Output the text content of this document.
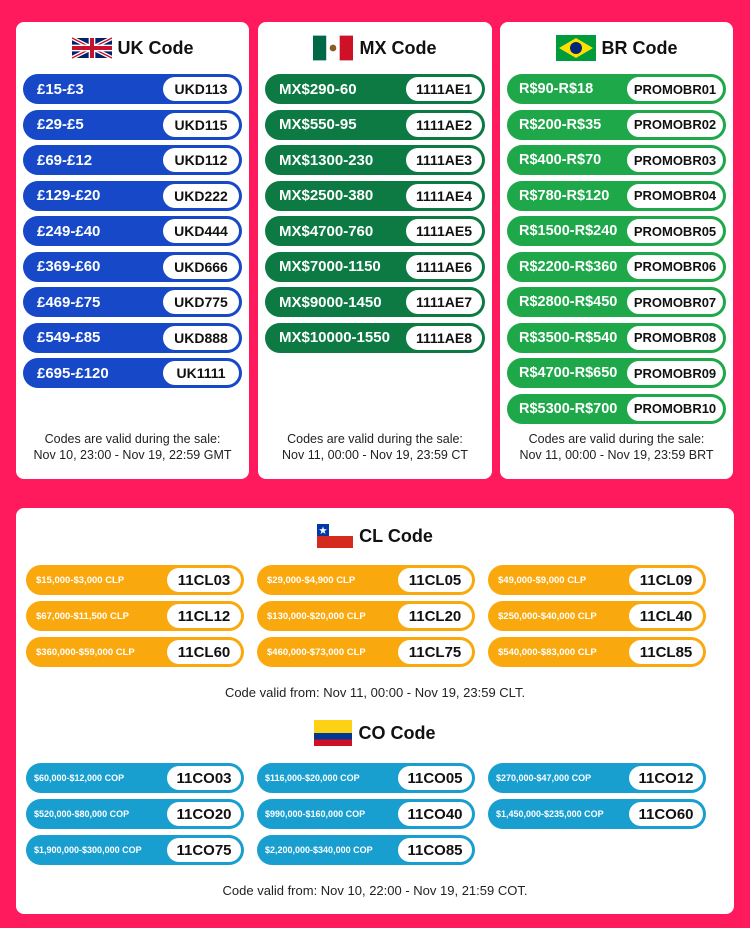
UK Code
£15-£3	UKD113
£29-£5	UKD115
£69-£12	UKD112
£129-£20	UKD222
£249-£40	UKD444
£369-£60	UKD666
£469-£75	UKD775
£549-£85	UKD888
£695-£120	UK1111
Codes are valid during the sale:
Nov 10, 23:00 - Nov 19, 22:59 GMT
MX Code
MX$290-60	1111AE1
MX$550-95	1111AE2
MX$1300-230	1111AE3
MX$2500-380	1111AE4
MX$4700-760	1111AE5
MX$7000-1150	1111AE6
MX$9000-1450	1111AE7
MX$10000-1550	1111AE8
Codes are valid during the sale:
Nov 11, 00:00 - Nov 19, 23:59 CT
BR Code
R$90-R$18	PROMOBR01
R$200-R$35	PROMOBR02
R$400-R$70	PROMOBR03
R$780-R$120	PROMOBR04
R$1500-R$240	PROMOBR05
R$2200-R$360	PROMOBR06
R$2800-R$450	PROMOBR07
R$3500-R$540	PROMOBR08
R$4700-R$650	PROMOBR09
R$5300-R$700	PROMOBR10
Codes are valid during the sale:
Nov 11, 00:00 - Nov 19, 23:59 BRT
CL Code
$15,000-$3,000 CLP	11CL03	$29,000-$4,900 CLP	11CL05	$49,000-$9,000 CLP	11CL09
$67,000-$11,500 CLP	11CL12	$130,000-$20,000 CLP	11CL20	$250,000-$40,000 CLP	11CL40
$360,000-$59,000 CLP	11CL60	$460,000-$73,000 CLP	11CL75	$540,000-$83,000 CLP	11CL85
Code valid from: Nov 11, 00:00 - Nov 19, 23:59 CLT.
CO Code
$60,000-$12,000 COP	11CO03	$116,000-$20,000 COP	11CO05	$270,000-$47,000 COP	11CO12
$520,000-$80,000 COP	11CO20	$990,000-$160,000 COP	11CO40	$1,450,000-$235,000 COP	11CO60
$1,900,000-$300,000 COP	11CO75	$2,200,000-$340,000 COP	11CO85
Code valid from: Nov 10, 22:00 - Nov 19, 21:59 COT.
